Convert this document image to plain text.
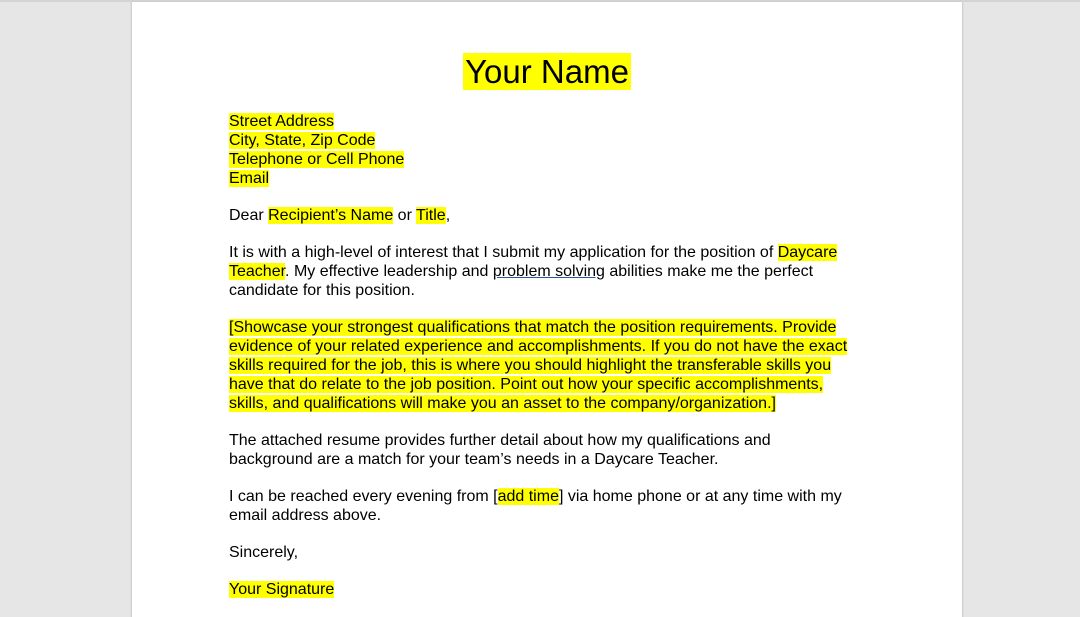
Your Name
Street Address
City, State, Zip Code
Telephone or Cell Phone
Email
Dear Recipient’s Name or Title,
It is with a high-level of interest that I submit my application for the position of Daycare
Teacher. My effective leadership and problem solving abilities make me the perfect
candidate for this position.
[Showcase your strongest qualifications that match the position requirements. Provide
evidence of your related experience and accomplishments. If you do not have the exact
skills required for the job, this is where you should highlight the transferable skills you
have that do relate to the job position. Point out how your specific accomplishments,
skills, and qualifications will make you an asset to the company/organization.]
The attached resume provides further detail about how my qualifications and
background are a match for your team’s needs in a Daycare Teacher.
I can be reached every evening from [add time] via home phone or at any time with my
email address above.
Sincerely,
Your Signature
